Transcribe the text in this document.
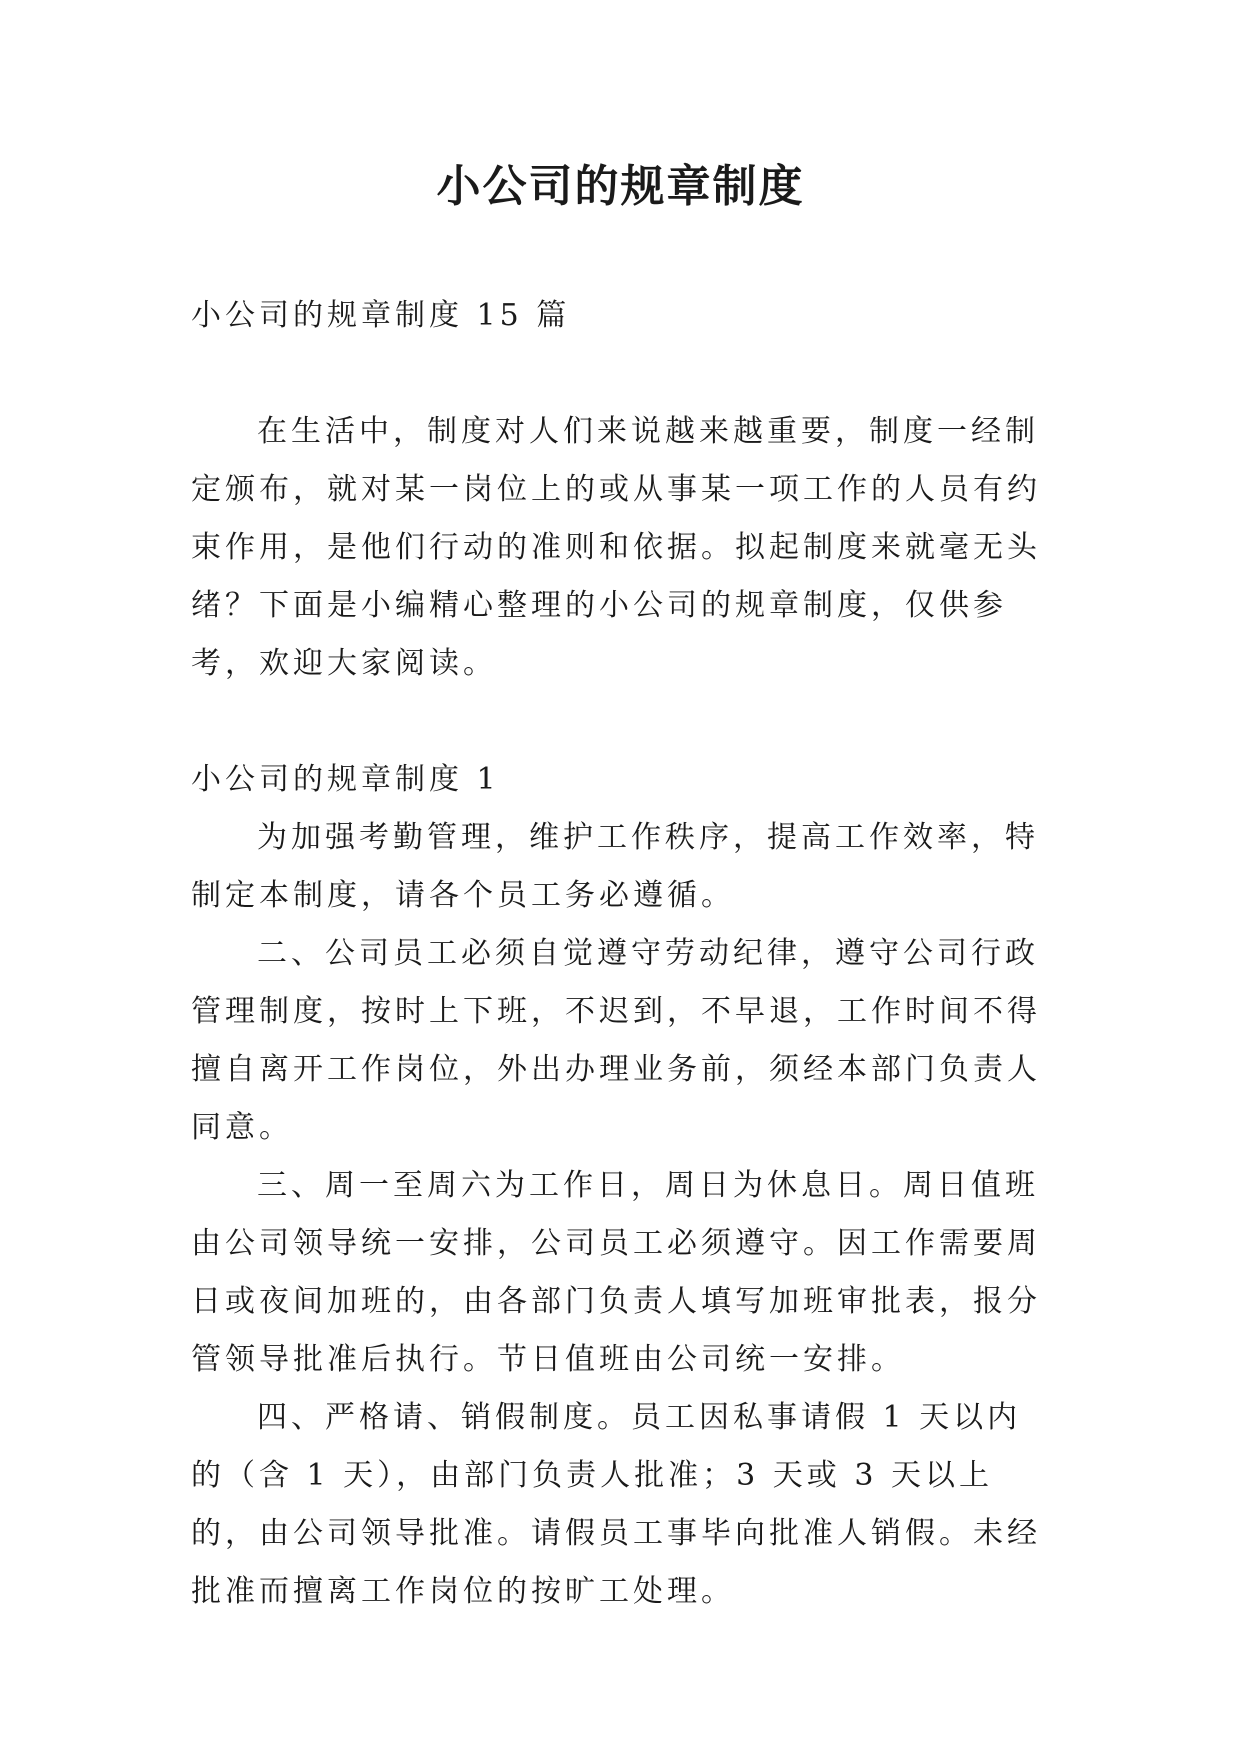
小公司的规章制度

小公司的规章制度 15 篇

在生活中，制度对人们来说越来越重要，制度一经制定颁布，就对某一岗位上的或从事某一项工作的人员有约束作用，是他们行动的准则和依据。拟起制度来就毫无头绪？下面是小编精心整理的小公司的规章制度，仅供参考，欢迎大家阅读。

小公司的规章制度 1

为加强考勤管理，维护工作秩序，提高工作效率，特制定本制度，请各个员工务必遵循。

二、公司员工必须自觉遵守劳动纪律，遵守公司行政管理制度，按时上下班，不迟到，不早退，工作时间不得擅自离开工作岗位，外出办理业务前，须经本部门负责人同意。

三、周一至周六为工作日，周日为休息日。周日值班由公司领导统一安排，公司员工必须遵守。因工作需要周日或夜间加班的，由各部门负责人填写加班审批表，报分管领导批准后执行。节日值班由公司统一安排。

四、严格请、销假制度。员工因私事请假 1 天以内的（含 1 天），由部门负责人批准；3 天或 3 天以上的，由公司领导批准。请假员工事毕向批准人销假。未经批准而擅离工作岗位的按旷工处理。
